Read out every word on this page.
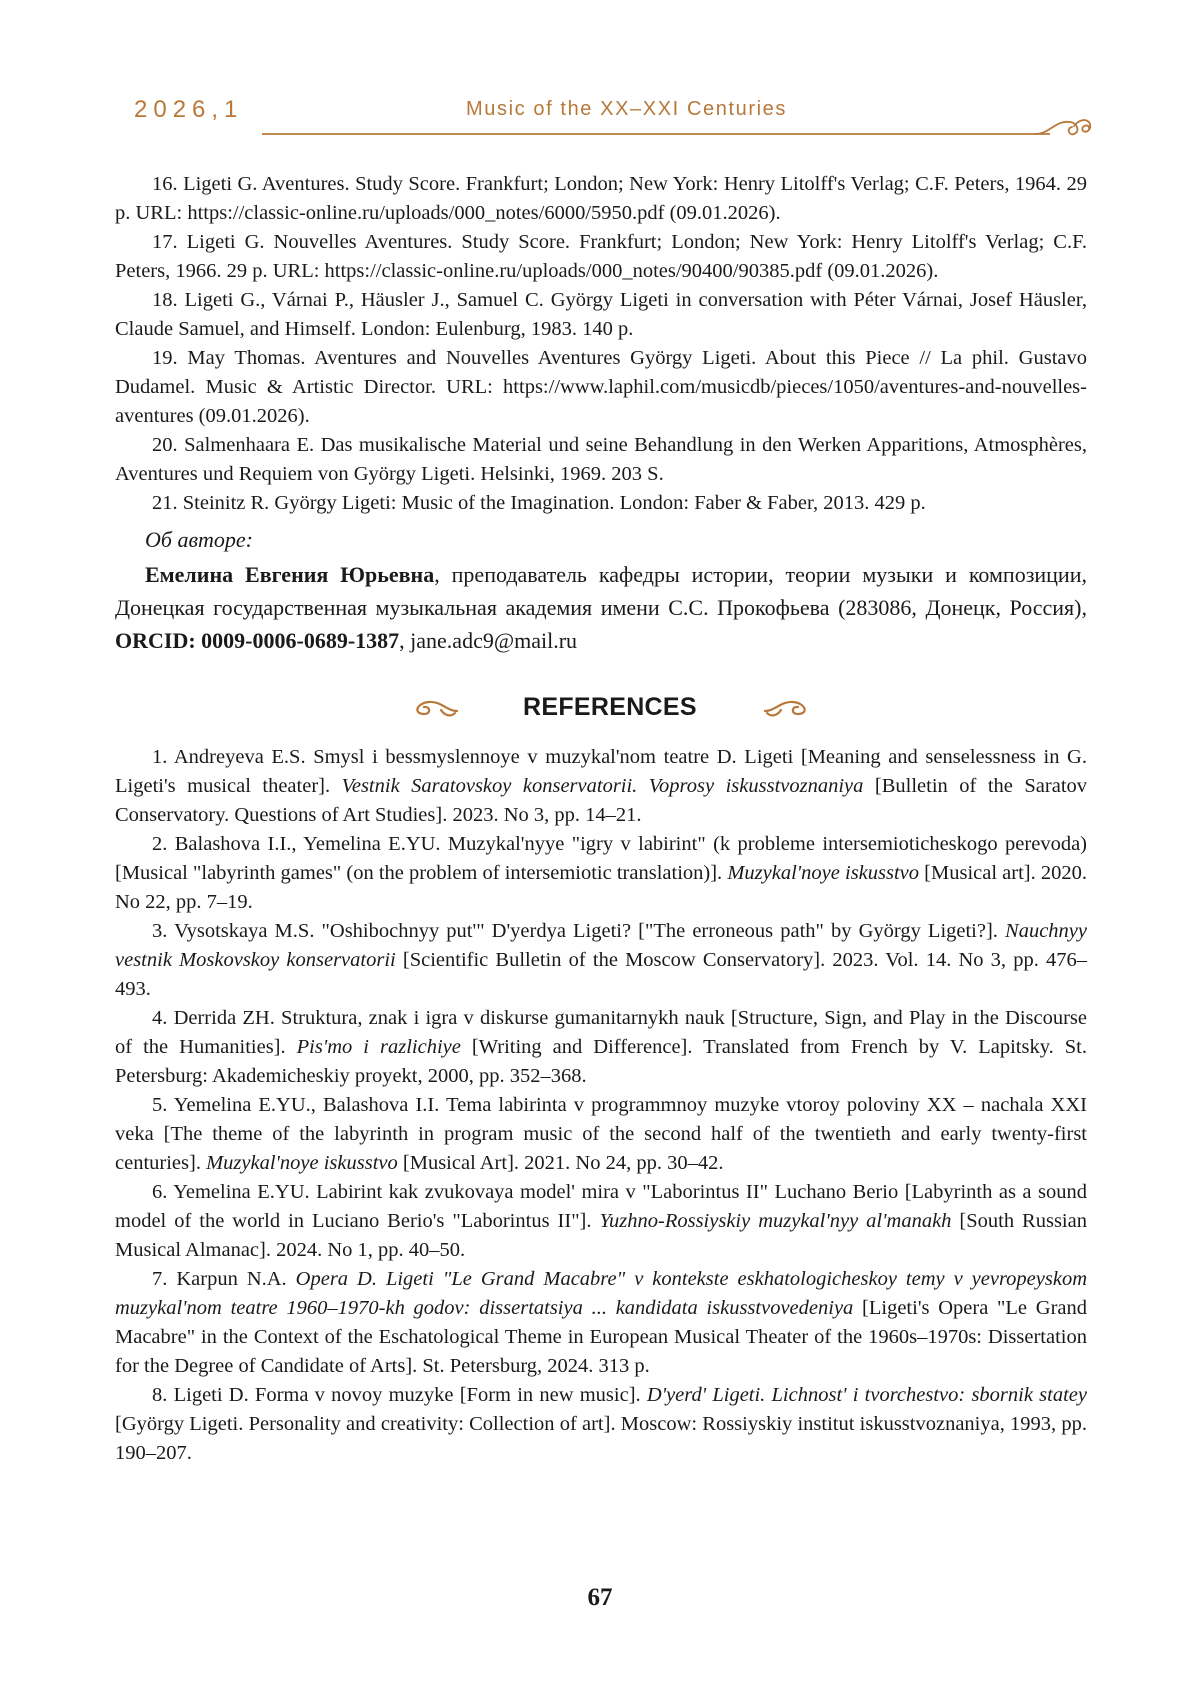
2026,1	Music of the XX–XXI Centuries

16. Ligeti G. Aventures. Study Score. Frankfurt; London; New York: Henry Litolff's Verlag; C.F. Peters, 1964. 29 p. URL: https://classic-online.ru/uploads/000_notes/6000/5950.pdf (09.01.2026).

17. Ligeti G. Nouvelles Aventures. Study Score. Frankfurt; London; New York: Henry Litolff's Verlag; C.F. Peters, 1966. 29 p. URL: https://classic-online.ru/uploads/000_notes/90400/90385.pdf (09.01.2026).

18. Ligeti G., Várnai P., Häusler J., Samuel C. György Ligeti in conversation with Péter Várnai, Josef Häusler, Claude Samuel, and Himself. London: Eulenburg, 1983. 140 p.

19. May Thomas. Aventures and Nouvelles Aventures György Ligeti. About this Piece // La phil. Gustavo Dudamel. Music & Artistic Director. URL: https://www.laphil.com/musicdb/pieces/1050/aventures-and-nouvelles-aventures (09.01.2026).

20. Salmenhaara E. Das musikalische Material und seine Behandlung in den Werken Apparitions, Atmosphères, Aventures und Requiem von György Ligeti. Helsinki, 1969. 203 S.

21. Steinitz R. György Ligeti: Music of the Imagination. London: Faber & Faber, 2013. 429 p.

Об авторе:

Емелина Евгения Юрьевна, преподаватель кафедры истории, теории музыки и композиции, Донецкая государственная музыкальная академия имени С.С. Прокофьева (283086, Донецк, Россия), ORCID: 0009-0006-0689-1387, jane.adc9@mail.ru

REFERENCES

1. Andreyeva E.S. Smysl i bessmyslennoye v muzykal'nom teatre D. Ligeti [Meaning and senselessness in G. Ligeti's musical theater]. Vestnik Saratovskoy konservatorii. Voprosy iskusstvoznaniya [Bulletin of the Saratov Conservatory. Questions of Art Studies]. 2023. No 3, pp. 14–21.

2. Balashova I.I., Yemelina E.YU. Muzykal'nyye "igry v labirint" (k probleme intersemioticheskogo perevoda) [Musical "labyrinth games" (on the problem of intersemiotic translation)]. Muzykal'noye iskusstvo [Musical art]. 2020. No 22, pp. 7–19.

3. Vysotskaya M.S. "Oshibochnyy put'" D'yerdya Ligeti? ["The erroneous path" by György Ligeti?]. Nauchnyy vestnik Moskovskoy konservatorii [Scientific Bulletin of the Moscow Conservatory]. 2023. Vol. 14. No 3, pp. 476–493.

4. Derrida ZH. Struktura, znak i igra v diskurse gumanitarnykh nauk [Structure, Sign, and Play in the Discourse of the Humanities]. Pis'mo i razlichiye [Writing and Difference]. Translated from French by V. Lapitsky. St. Petersburg: Akademicheskiy proyekt, 2000, pp. 352–368.

5. Yemelina E.YU., Balashova I.I. Tema labirinta v programmnoy muzyke vtoroy poloviny XX – nachala XXI veka [The theme of the labyrinth in program music of the second half of the twentieth and early twenty-first centuries]. Muzykal'noye iskusstvo [Musical Art]. 2021. No 24, pp. 30–42.

6. Yemelina E.YU. Labirint kak zvukovaya model' mira v "Laborintus II" Luchano Berio [Labyrinth as a sound model of the world in Luciano Berio's "Laborintus II"]. Yuzhno-Rossiyskiy muzykal'nyy al'manakh [South Russian Musical Almanac]. 2024. No 1, pp. 40–50.

7. Karpun N.A. Opera D. Ligeti "Le Grand Macabre" v kontekste eskhatologicheskoy temy v yevropeyskom muzykal'nom teatre 1960–1970-kh godov: dissertatsiya ... kandidata iskusstvovedeniya [Ligeti's Opera "Le Grand Macabre" in the Context of the Eschatological Theme in European Musical Theater of the 1960s–1970s: Dissertation for the Degree of Candidate of Arts]. St. Petersburg, 2024. 313 p.

8. Ligeti D. Forma v novoy muzyke [Form in new music]. D'yerd' Ligeti. Lichnost' i tvorchestvo: sbornik statey [György Ligeti. Personality and creativity: Collection of art]. Moscow: Rossiyskiy institut iskusstvoznaniya, 1993, pp. 190–207.

67
